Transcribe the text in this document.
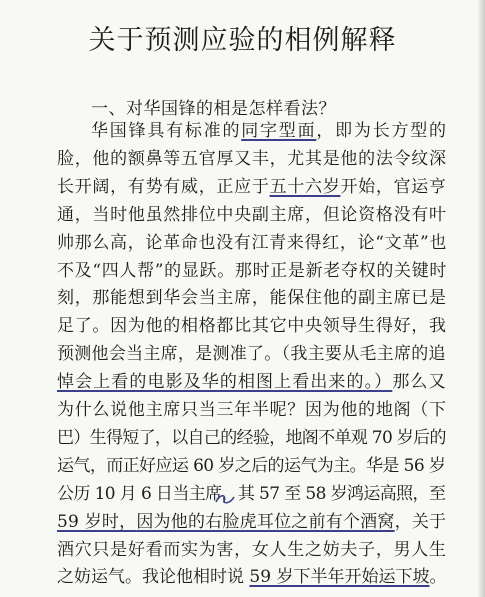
关于预测应验的相例解释

一、对华国锋的相是怎样看法？

华国锋具有标准的同字型面，即为长方型的
脸，他的额鼻等五官厚又丰，尤其是他的法令纹深
长开阔，有势有威，正应于五十六岁开始，官运亨
通，当时他虽然排位中央副主席，但论资格没有叶
帅那么高，论革命也没有江青来得红，论“文革”也
不及“四人帮”的显跃。那时正是新老夺权的关键时
刻，那能想到华会当主席，能保住他的副主席已是
足了。因为他的相格都比其它中央领导生得好，我
预测他会当主席，是测准了。（我主要从毛主席的追
悼会上看的电影及华的相图上看出来的。）那么又
为什么说他主席只当三年半呢？因为他的地阁（下
巴）生得短了，以自己的经验，地阁不单观 70 岁后的
运气，而正好应运 60 岁之后的运气为主。华是 56 岁
公历 10 月 6 日当主席，其 57 至 58 岁鸿运高照，至
59 岁时，因为他的右脸虎耳位之前有个酒窝，关于
酒穴只是好看而实为害，女人生之妨夫子，男人生
之妨运气。我论他相时说 59 岁下半年开始运下坡。
